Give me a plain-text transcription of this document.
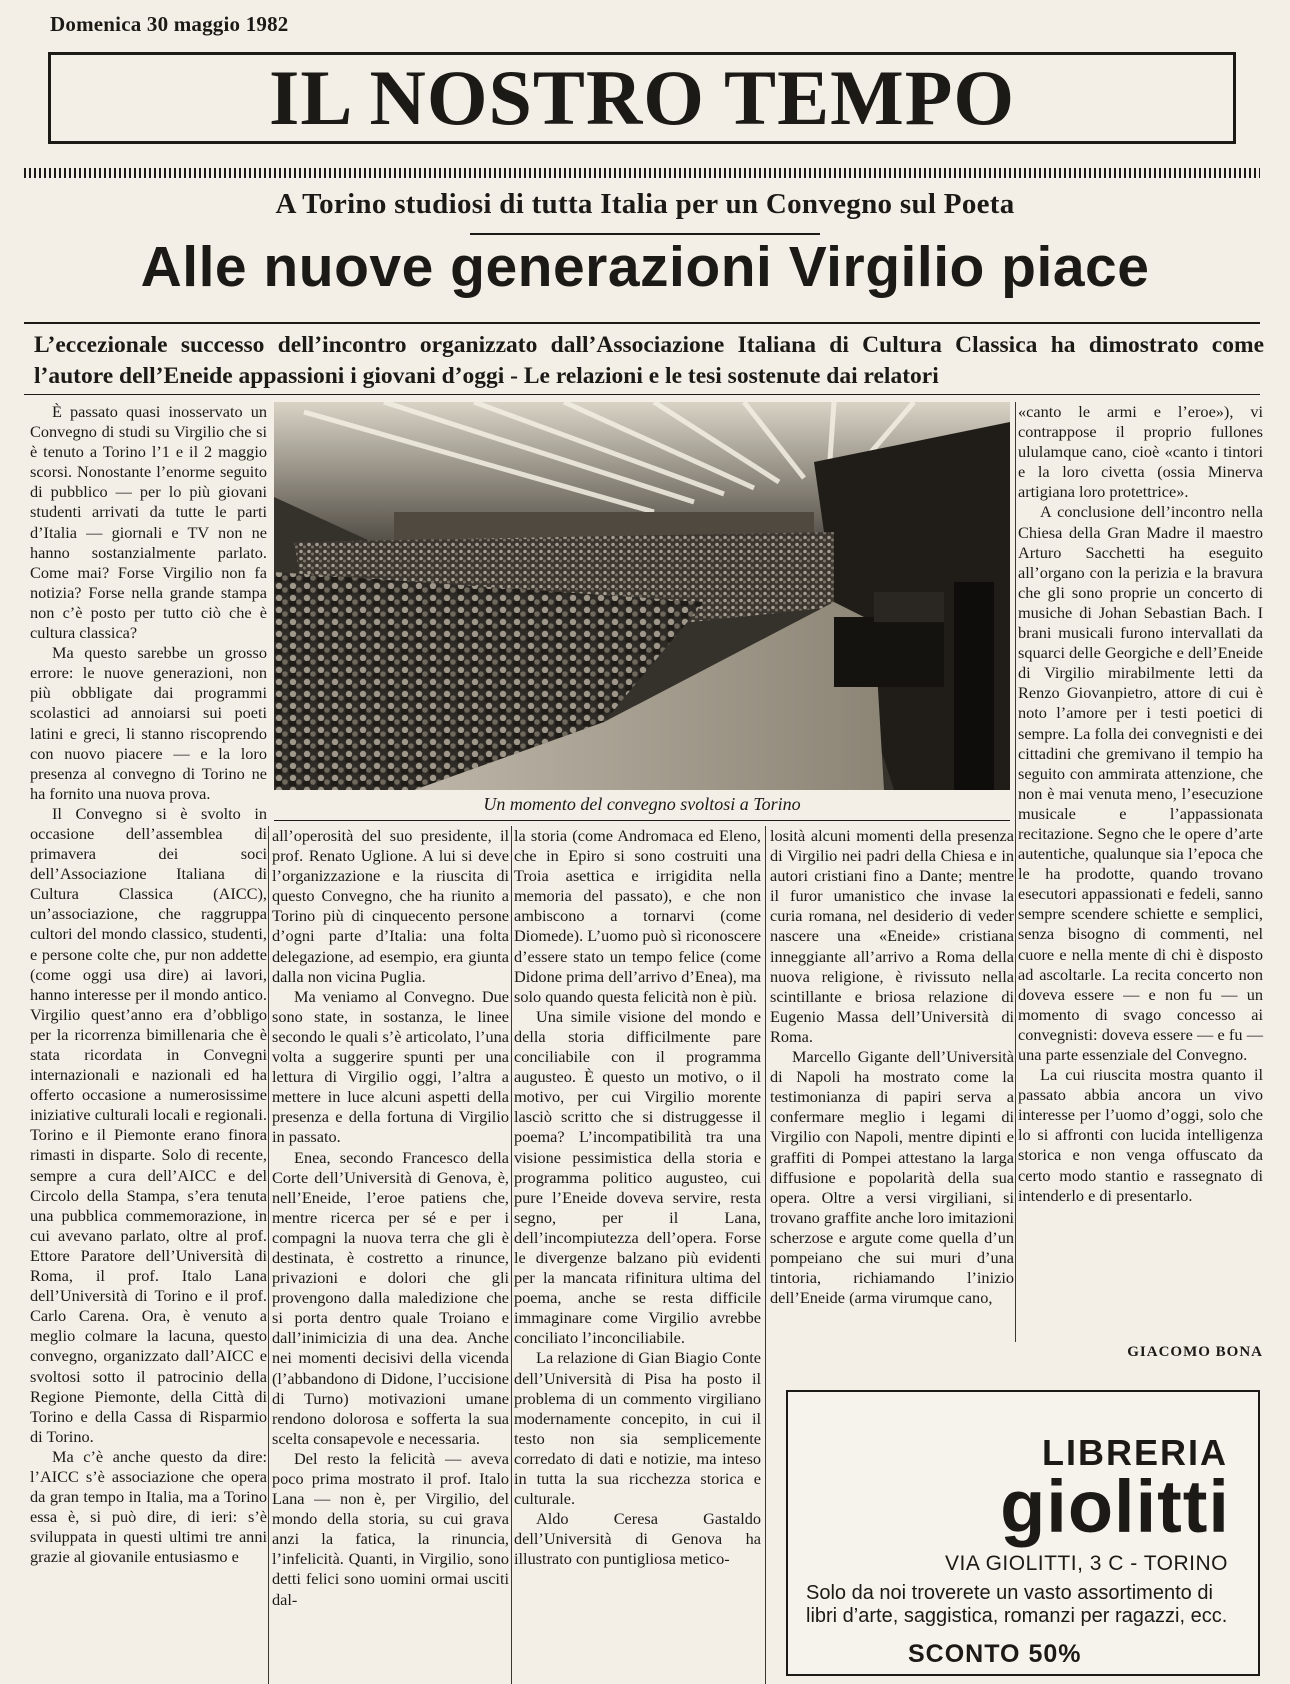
Domenica 30 maggio 1982
IL NOSTRO TEMPO
A Torino studiosi di tutta Italia per un Convegno sul Poeta
Alle nuove generazioni Virgilio piace
L’eccezionale successo dell’incontro organizzato dall’Associazione Italiana di Cultura Classica ha dimostrato come l’autore dell’Eneide appassioni i giovani d’oggi - Le relazioni e le tesi sostenute dai relatori

È passato quasi inosservato un Convegno di studi su Virgilio che si è tenuto a Torino l’1 e il 2 maggio scorsi. Nonostante l’enorme seguito di pubblico — per lo più giovani studenti arrivati da tutte le parti d’Italia — giornali e TV non ne hanno sostanzialmente parlato. Come mai? Forse Virgilio non fa notizia? Forse nella grande stampa non c’è posto per tutto ciò che è cultura classica?

Ma questo sarebbe un grosso errore: le nuove generazioni, non più obbligate dai programmi scolastici ad annoiarsi sui poeti latini e greci, li stanno riscoprendo con nuovo piacere — e la loro presenza al convegno di Torino ne ha fornito una nuova prova.

Il Convegno si è svolto in occasione dell’assemblea di primavera dei soci dell’Associazione Italiana di Cultura Classica (AICC), un’associazione, che raggruppa cultori del mondo classico, studenti, e persone colte che, pur non addette (come oggi usa dire) ai lavori, hanno interesse per il mondo antico. Virgilio quest’anno era d’obbligo per la ricorrenza bimillenaria che è stata ricordata in Convegni internazionali e nazionali ed ha offerto occasione a numerosissime iniziative culturali locali e regionali. Torino e il Piemonte erano finora rimasti in disparte. Solo di recente, sempre a cura dell’AICC e del Circolo della Stampa, s’era tenuta una pubblica commemorazione, in cui avevano parlato, oltre al prof. Ettore Paratore dell’Università di Roma, il prof. Italo Lana dell’Università di Torino e il prof. Carlo Carena. Ora, è venuto a meglio colmare la lacuna, questo convegno, organizzato dall’AICC e svoltosi sotto il patrocinio della Regione Piemonte, della Città di Torino e della Cassa di Risparmio di Torino.

Ma c’è anche questo da dire: l’AICC s’è associazione che opera da gran tempo in Italia, ma a Torino essa è, si può dire, di ieri: s’è sviluppata in questi ultimi tre anni grazie al giovanile entusiasmo e

Un momento del convegno svoltosi a Torino

all’operosità del suo presidente, il prof. Renato Uglione. A lui si deve l’organizzazione e la riuscita di questo Convegno, che ha riunito a Torino più di cinquecento persone d’ogni parte d’Italia: una folta delegazione, ad esempio, era giunta dalla non vicina Puglia.

Ma veniamo al Convegno. Due sono state, in sostanza, le linee secondo le quali s’è articolato, l’una volta a suggerire spunti per una lettura di Virgilio oggi, l’altra a mettere in luce alcuni aspetti della presenza e della fortuna di Virgilio in passato.

Enea, secondo Francesco della Corte dell’Università di Genova, è, nell’Eneide, l’eroe patiens che, mentre ricerca per sé e per i compagni la nuova terra che gli è destinata, è costretto a rinunce, privazioni e dolori che gli provengono dalla maledizione che si porta dentro quale Troiano e dall’inimicizia di una dea. Anche nei momenti decisivi della vicenda (l’abbandono di Didone, l’uccisione di Turno) motivazioni umane rendono dolorosa e sofferta la sua scelta consapevole e necessaria.

Del resto la felicità — aveva poco prima mostrato il prof. Italo Lana — non è, per Virgilio, del mondo della storia, su cui grava anzi la fatica, la rinuncia, l’infelicità. Quanti, in Virgilio, sono detti felici sono uomini ormai usciti dal-

la storia (come Andromaca ed Eleno, che in Epiro si sono costruiti una Troia asettica e irrigidita nella memoria del passato), e che non ambiscono a tornarvi (come Diomede). L’uomo può sì riconoscere d’essere stato un tempo felice (come Didone prima dell’arrivo d’Enea), ma solo quando questa felicità non è più.

Una simile visione del mondo e della storia difficilmente pare conciliabile con il programma augusteo. È questo un motivo, o il motivo, per cui Virgilio morente lasciò scritto che si distruggesse il poema? L’incompatibilità tra una visione pessimistica della storia e programma politico augusteo, cui pure l’Eneide doveva servire, resta segno, per il Lana, dell’incompiutezza dell’opera. Forse le divergenze balzano più evidenti per la mancata rifinitura ultima del poema, anche se resta difficile immaginare come Virgilio avrebbe conciliato l’inconciliabile.

La relazione di Gian Biagio Conte dell’Università di Pisa ha posto il problema di un commento virgiliano modernamente concepito, in cui il testo non sia semplicemente corredato di dati e notizie, ma inteso in tutta la sua ricchezza storica e culturale.

Aldo Ceresa Gastaldo dell’Università di Genova ha illustrato con puntigliosa metico-

losità alcuni momenti della presenza di Virgilio nei padri della Chiesa e in autori cristiani fino a Dante; mentre il furor umanistico che invase la curia romana, nel desiderio di veder nascere una «Eneide» cristiana inneggiante all’arrivo a Roma della nuova religione, è rivissuto nella scintillante e briosa relazione di Eugenio Massa dell’Università di Roma.

Marcello Gigante dell’Università di Napoli ha mostrato come la testimonianza di papiri serva a confermare meglio i legami di Virgilio con Napoli, mentre dipinti e graffiti di Pompei attestano la larga diffusione e popolarità della sua opera. Oltre a versi virgiliani, si trovano graffite anche loro imitazioni scherzose e argute come quella d’un pompeiano che sui muri d’una tintoria, richiamando l’inizio dell’Eneide (arma virumque cano,

«canto le armi e l’eroe»), vi contrappose il proprio fullones ululamque cano, cioè «canto i tintori e la loro civetta (ossia Minerva artigiana loro protettrice».

A conclusione dell’incontro nella Chiesa della Gran Madre il maestro Arturo Sacchetti ha eseguito all’organo con la perizia e la bravura che gli sono proprie un concerto di musiche di Johan Sebastian Bach. I brani musicali furono intervallati da squarci delle Georgiche e dell’Eneide di Virgilio mirabilmente letti da Renzo Giovanpietro, attore di cui è noto l’amore per i testi poetici di sempre. La folla dei convegnisti e dei cittadini che gremivano il tempio ha seguito con ammirata attenzione, che non è mai venuta meno, l’esecuzione musicale e l’appassionata recitazione. Segno che le opere d’arte autentiche, qualunque sia l’epoca che le ha prodotte, quando trovano esecutori appassionati e fedeli, sanno sempre scendere schiette e semplici, senza bisogno di commenti, nel cuore e nella mente di chi è disposto ad ascoltarle. La recita concerto non doveva essere — e non fu — un momento di svago concesso ai convegnisti: doveva essere — e fu — una parte essenziale del Convegno.

La cui riuscita mostra quanto il passato abbia ancora un vivo interesse per l’uomo d’oggi, solo che lo si affronti con lucida intelligenza storica e non venga offuscato da certo modo stantio e rassegnato di intenderlo e di presentarlo.

GIACOMO BONA
LIBRERIA
giolitti
VIA GIOLITTI, 3 C - TORINO
Solo da noi troverete un vasto assortimento di libri d’arte, saggistica, romanzi per ragazzi, ecc.
SCONTO 50%
